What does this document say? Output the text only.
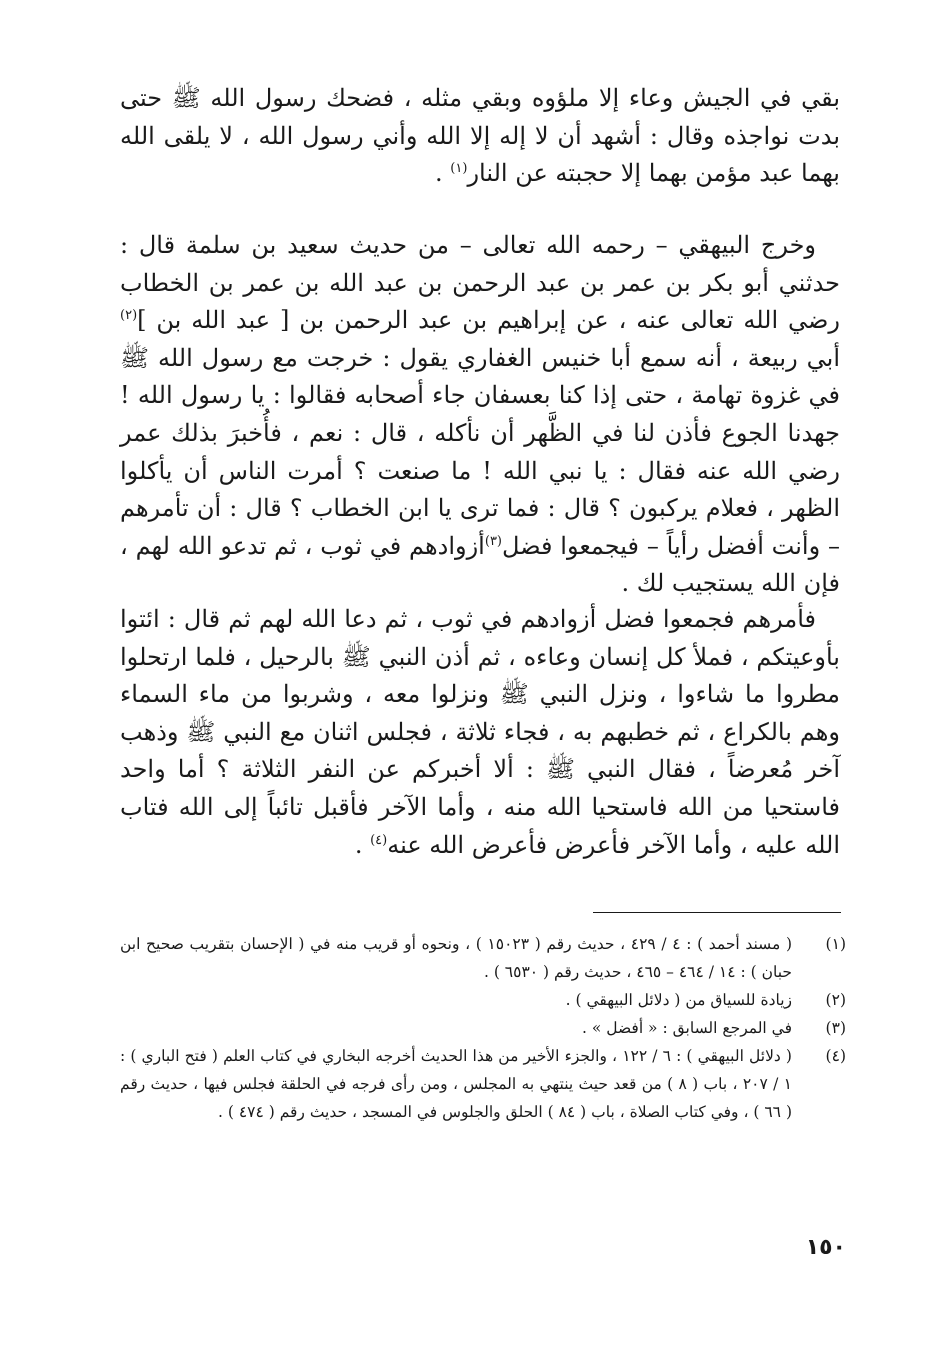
بقي في الجيش وعاء إلا ملؤوه وبقي مثله ، فضحك رسول الله ﷺ حتى بدت نواجذه وقال : أشهد أن لا إله إلا الله وأني رسول الله ، لا يلقى الله بهما عبد مؤمن بهما إلا حجبته عن النار$^{(١)}$ .

وخرج البيهقي – رحمه الله تعالى – من حديث سعيد بن سلمة قال : حدثني أبو بكر بن عمر بن عبد الرحمن بن عبد الله بن عمر بن الخطاب رضي الله تعالى عنه ، عن إبراهيم بن عبد الرحمن بن [ عبد الله بن ]$^{(٢)}$ أبي ربيعة ، أنه سمع أبا خنيس الغفاري يقول : خرجت مع رسول الله ﷺ في غزوة تهامة ، حتى إذا كنا بعسفان جاء أصحابه فقالوا : يا رسول الله ! جهدنا الجوع فأذن لنا في الظَّهر أن نأكله ، قال : نعم ، فأُخبرَ بذلك عمر رضي الله عنه فقال : يا نبي الله ! ما صنعت ؟ أمرت الناس أن يأكلوا الظهر ، فعلام يركبون ؟ قال : فما ترى يا ابن الخطاب ؟ قال : أن تأمرهم – وأنت أفضل رأياً – فيجمعوا فضل$^{(٣)}$أزوادهم في ثوب ، ثم تدعو الله لهم ، فإن الله يستجيب لك .

فأمرهم فجمعوا فضل أزوادهم في ثوب ، ثم دعا الله لهم ثم قال : ائتوا بأوعيتكم ، فملأ كل إنسان وعاءه ، ثم أذن النبي ﷺ بالرحيل ، فلما ارتحلوا مطروا ما شاءوا ، ونزل النبي ﷺ ونزلوا معه ، وشربوا من ماء السماء وهم بالكراع ، ثم خطبهم به ، فجاء ثلاثة ، فجلس اثنان مع النبي ﷺ وذهب آخر مُعرضاً ، فقال النبي ﷺ : ألا أخبركم عن النفر الثلاثة ؟ أما واحد فاستحيا من الله فاستحيا الله منه ، وأما الآخر فأقبل تائباً إلى الله فتاب الله عليه ، وأما الآخر فأعرض فأعرض الله عنه$^{(٤)}$ .

(١)
( مسند أحمد ) : ٤ / ٤٢٩ ، حديث رقم ( ١٥٠٢٣ ) ، ونحوه أو قريب منه في ( الإحسان بتقريب صحيح ابن حبان ) : ١٤ / ٤٦٤ – ٤٦٥ ، حديث رقم ( ٦٥٣٠ ) .
(٢)
زيادة للسياق من ( دلائل البيهقي ) .
(٣)
في المرجع السابق : « أفضل » .
(٤)
( دلائل البيهقي ) : ٦ / ١٢٢ ، والجزء الأخير من هذا الحديث أخرجه البخاري في كتاب العلم ( فتح الباري ) : ١ / ٢٠٧ ، باب ( ٨ ) من قعد حيث ينتهي به المجلس ، ومن رأى فرجه في الحلقة فجلس فيها ، حديث رقم ( ٦٦ ) ، وفي كتاب الصلاة ، باب ( ٨٤ ) الحلق والجلوس في المسجد ، حديث رقم ( ٤٧٤ ) .
١٥٠
